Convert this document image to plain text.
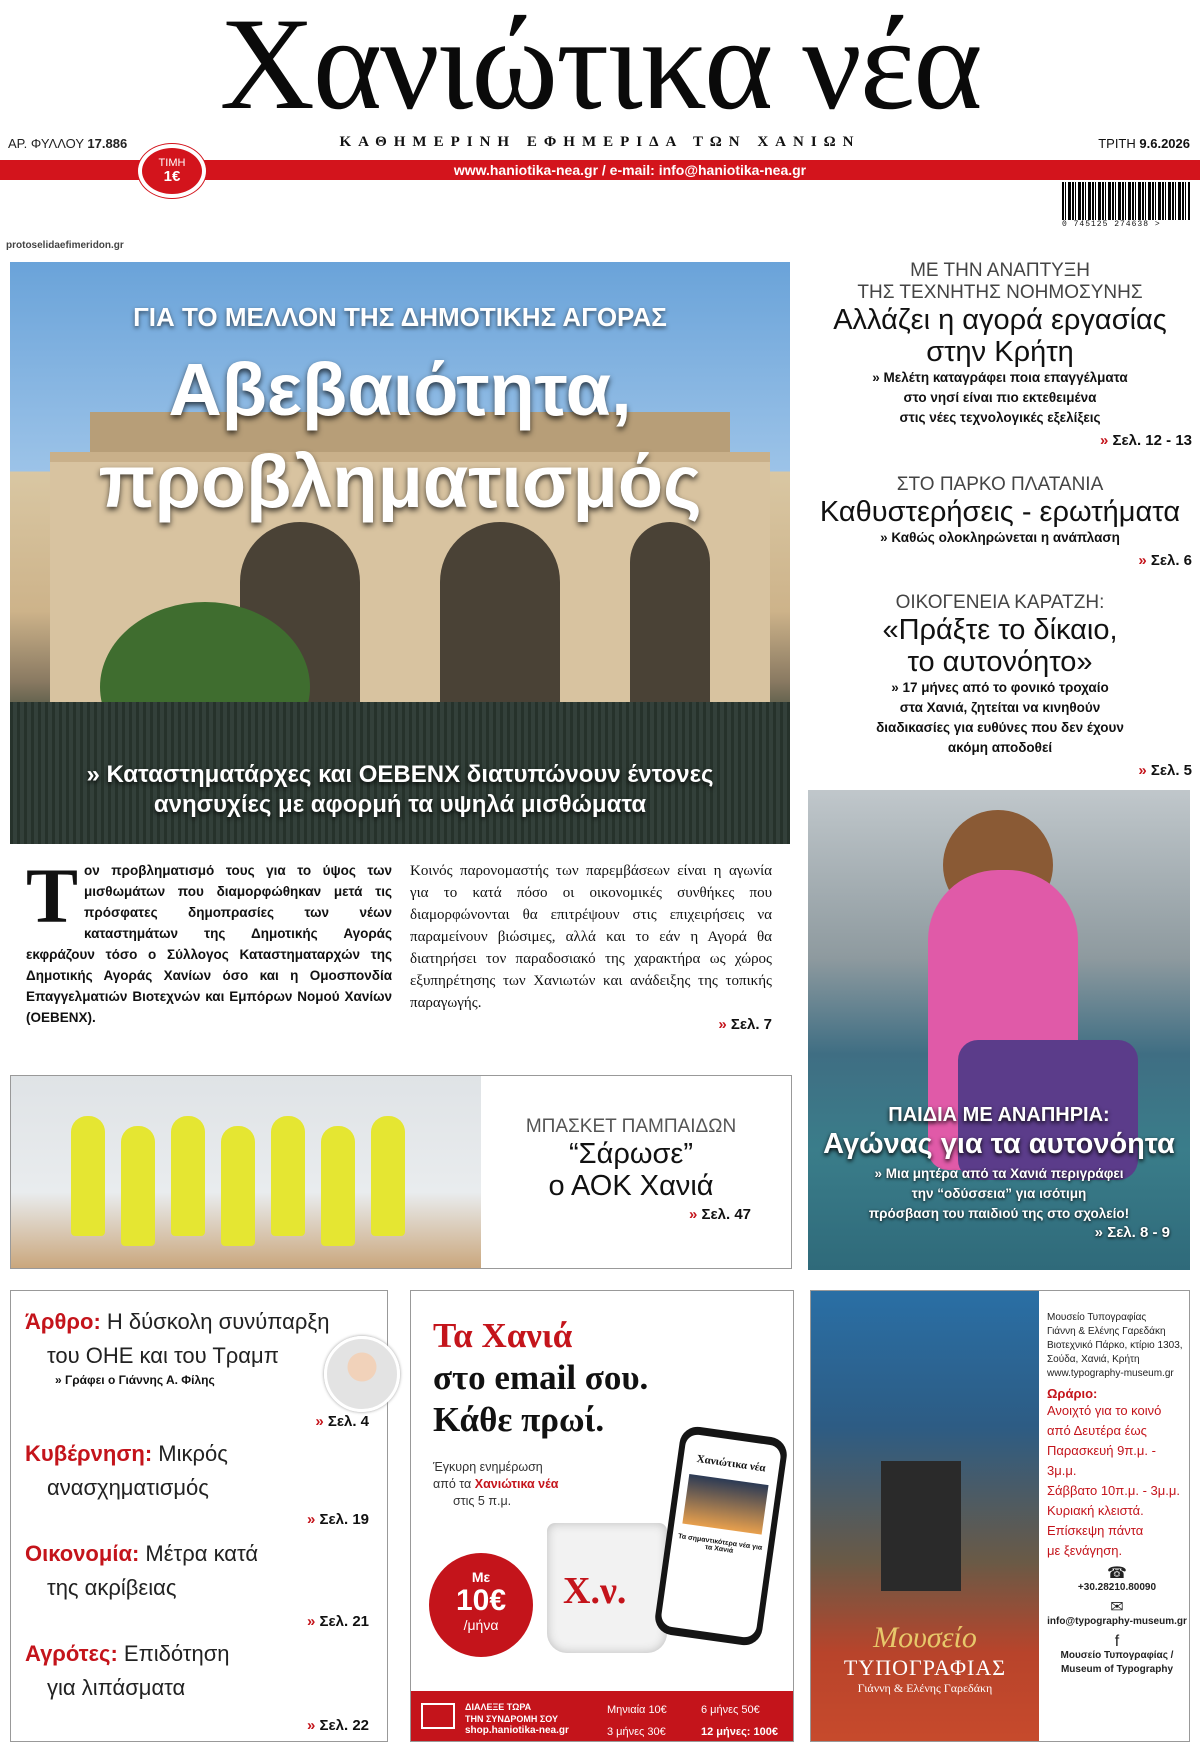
Χανιώτικα νέα
ΑΡ. ΦΥΛΛΟΥ 17.886	ΚΑΘΗΜΕΡΙΝΗ ΕΦΗΜΕΡΙΔΑ ΤΩΝ ΧΑΝΙΩΝ	ΤΡΙΤΗ 9.6.2026
www.haniotika-nea.gr / e-mail: info@haniotika-nea.gr
ΤΙΜΗ
1€
0 745125 274638 >
protoselidaefimeridon.gr
ΓΙΑ ΤΟ ΜΕΛΛΟΝ ΤΗΣ ΔΗΜΟΤΙΚΗΣ ΑΓΟΡΑΣ
Αβεβαιότητα,
προβληματισμός
» Καταστηματάρχες και ΟΕΒΕΝΧ διατυπώνουν έντονες
ανησυχίες με αφορμή τα υψηλά μισθώματα
Τον προβληματισμό τους για το ύψος των μισθωμάτων που διαμορφώθηκαν μετά τις πρόσφατες δημοπρασίες των νέων καταστημάτων της Δημοτικής Αγοράς εκφράζουν τόσο ο Σύλλογος Καταστηματαρχών της Δημοτικής Αγοράς Χανίων όσο και η Ομοσπονδία Επαγγελματιών Βιοτεχνών και Εμπόρων Νομού Χανίων (ΟΕΒΕΝΧ).
Κοινός παρονομαστής των παρεμβάσεων είναι η αγωνία για το κατά πόσο οι οικονομικές συνθήκες που διαμορφώνονται θα επιτρέψουν στις επιχειρήσεις να παραμείνουν βιώσιμες, αλλά και το εάν η Αγορά θα διατηρήσει τον παραδοσιακό της χαρακτήρα ως χώρος εξυπηρέτησης των Χανιωτών και ανάδειξης της τοπικής παραγωγής.
» Σελ. 7
ΜΕ ΤΗΝ ΑΝΑΠΤΥΞΗ
ΤΗΣ ΤΕΧΝΗΤΗΣ ΝΟΗΜΟΣΥΝΗΣ
Αλλάζει η αγορά εργασίας
στην Κρήτη
» Μελέτη καταγράφει ποια επαγγέλματα
στο νησί είναι πιο εκτεθειμένα
στις νέες τεχνολογικές εξελίξεις
» Σελ. 12 - 13
ΣΤΟ ΠΑΡΚΟ ΠΛΑΤΑΝΙΑ
Καθυστερήσεις - ερωτήματα
» Καθώς ολοκληρώνεται η ανάπλαση
» Σελ. 6
ΟΙΚΟΓΕΝΕΙΑ ΚΑΡΑΤΖΗ:
«Πράξτε το δίκαιο,
το αυτονόητο»
» 17 μήνες από το φονικό τροχαίο
στα Χανιά, ζητείται να κινηθούν
διαδικασίες για ευθύνες που δεν έχουν
ακόμη αποδοθεί
» Σελ. 5
ΠΑΙΔΙΑ ΜΕ ΑΝΑΠΗΡΙΑ:
Αγώνας για τα αυτονόητα
» Μια μητέρα από τα Χανιά περιγράφει
την “οδύσσεια” για ισότιμη
πρόσβαση του παιδιού της στο σχολείο!
» Σελ. 8 - 9
ΜΠΑΣΚΕΤ ΠΑΜΠΑΙΔΩΝ
“Σάρωσε”
ο ΑΟΚ Χανιά
» Σελ. 47
Άρθρο: Η δύσκολη συνύπαρξη
του ΟΗΕ και του Τραμπ
» Γράφει ο Γιάννης Α. Φίλης
» Σελ. 4
Κυβέρνηση: Μικρός
ανασχηματισμός
» Σελ. 19
Οικονομία: Μέτρα κατά
της ακρίβειας
» Σελ. 21
Αγρότες: Επιδότηση
για λιπάσματα
» Σελ. 22
Τα Χανιά
στο email σου.
Κάθε πρωί.
Έγκυρη ενημέρωση
από τα Χανιώτικα νέα
στις 5 π.μ.
Χ.ν.
Χανιώτικα νέα
Τα σημαντικότερα νέα για τα Χανιά
Με
10€
/μήνα
ΔΙΑΛΕΞΕ ΤΩΡΑ
ΤΗΝ ΣΥΝΔΡΟΜΗ ΣΟΥ
shop.haniotika-nea.gr
Μηνιαία 10€
3 μήνες 30€
6 μήνες 50€
12 μήνες: 100€
Μουσείο
ΤΥΠΟΓΡΑΦΙΑΣ
Γιάννη & Ελένης Γαρεδάκη
Μουσείο Τυπογραφίας
Γιάννη & Ελένης Γαρεδάκη
Βιοτεχνικό Πάρκο, κτίριο 1303,
Σούδα, Χανιά, Κρήτη
www.typography-museum.gr
Ωράριο:
Ανοιχτό για το κοινό
από Δευτέρα έως
Παρασκευή 9π.μ. - 3μ.μ.
Σάββατο 10π.μ. - 3μ.μ.
Κυριακή κλειστά.
Επίσκεψη πάντα
με ξενάγηση.
☎
+30.28210.80090
✉
info@typography-museum.gr
f
Μουσείο Τυπογραφίας /
Museum of Typography
